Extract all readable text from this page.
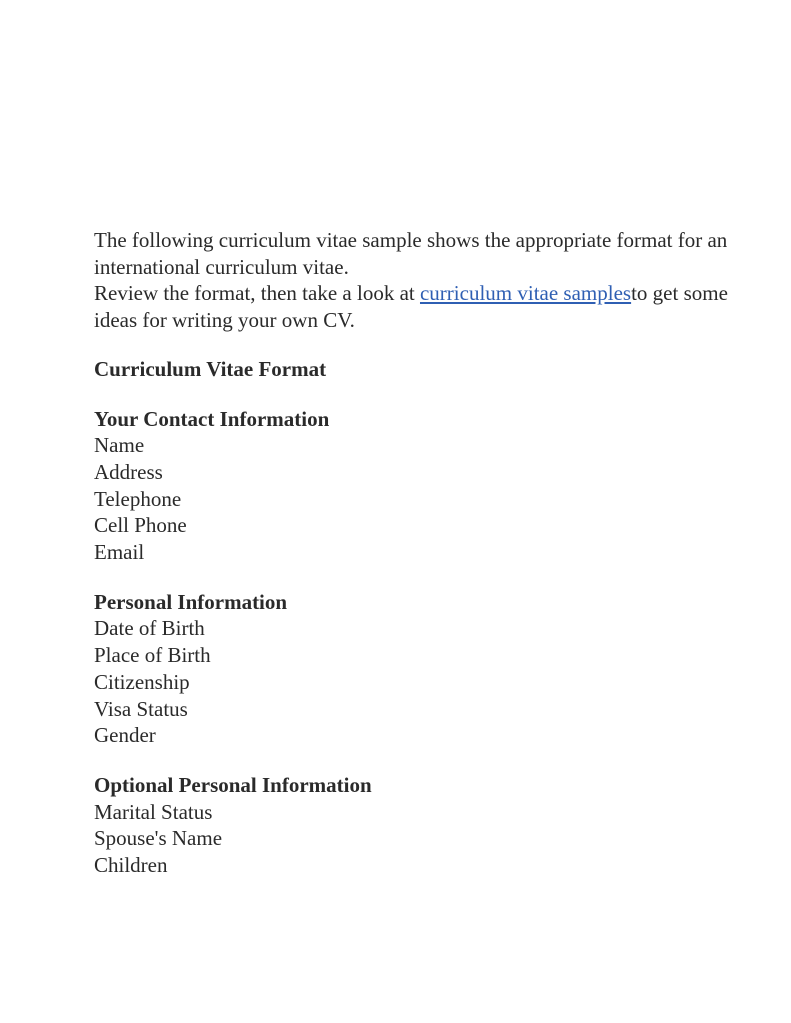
The following curriculum vitae sample shows the appropriate format for an international curriculum vitae.

Review the format, then take a look at curriculum vitae samplesto get some ideas for writing your own CV.

Curriculum Vitae Format
Your Contact Information
Name
Address
Telephone
Cell Phone
Email
Personal Information
Date of Birth
Place of Birth
Citizenship
Visa Status
Gender
Optional Personal Information
Marital Status
Spouse's Name
Children
